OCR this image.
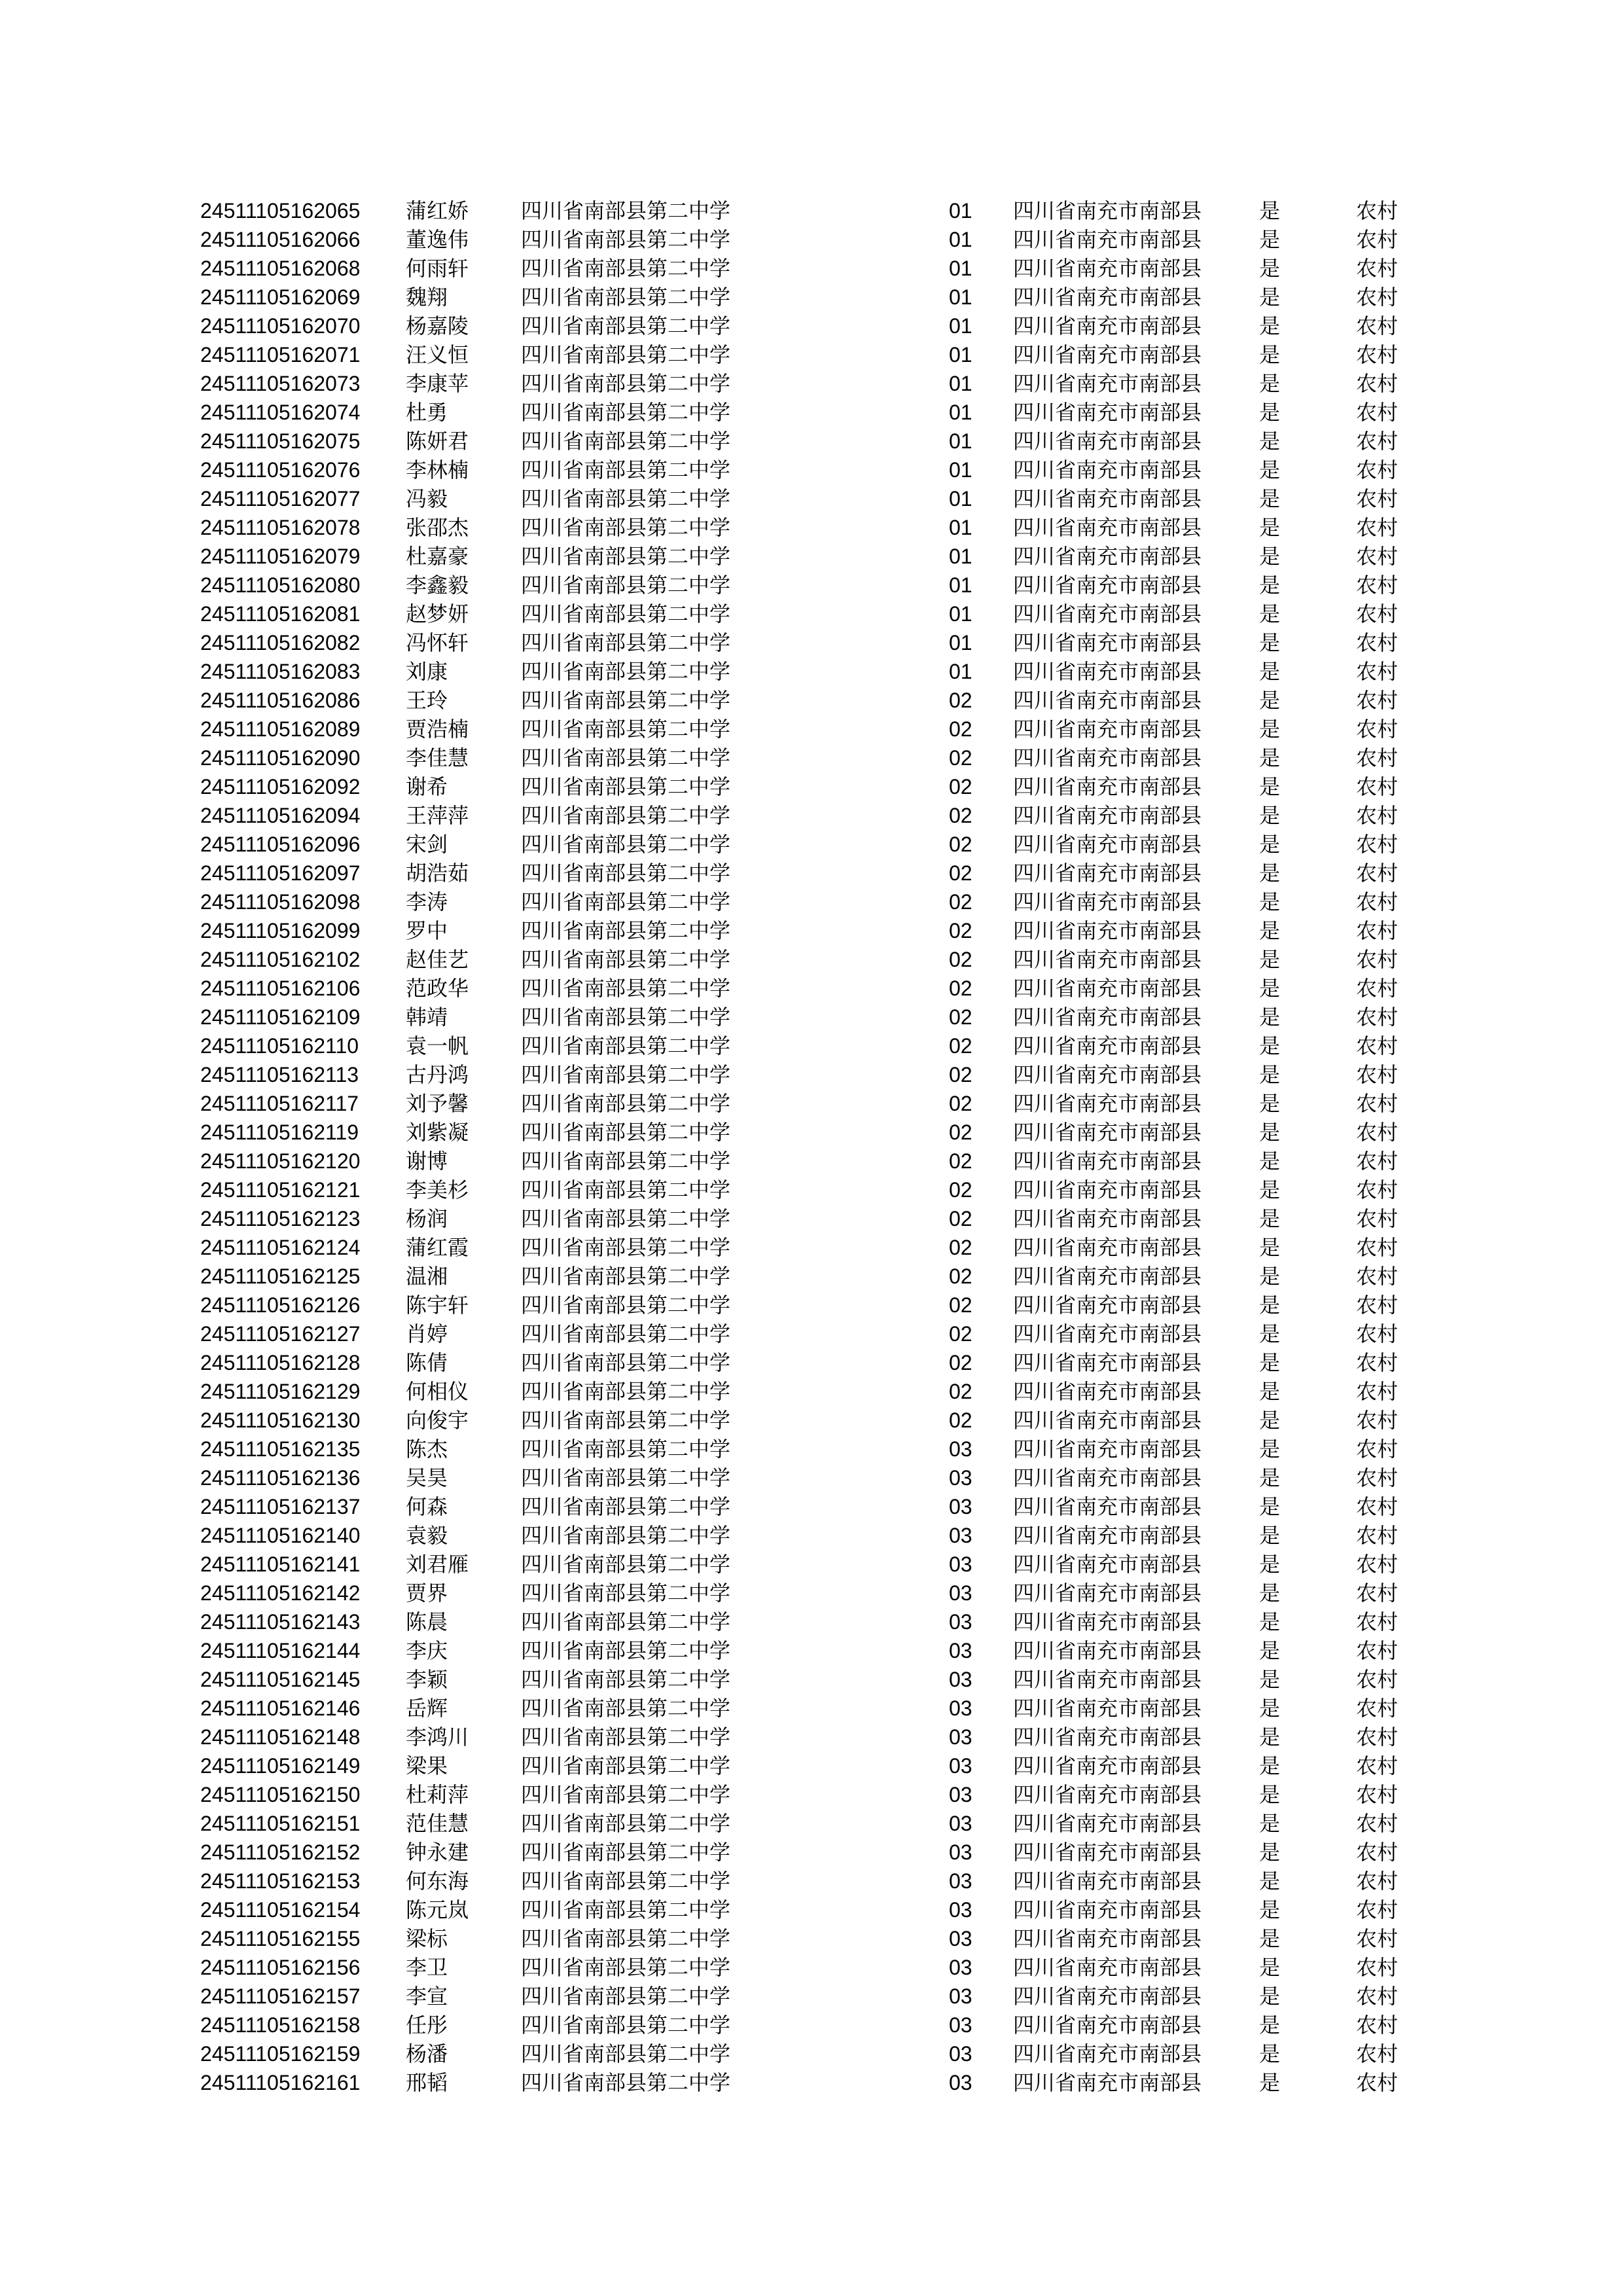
24511105162065	蒲红娇	四川省南部县第二中学	01	四川省南充市南部县	是	农村
24511105162066	董逸伟	四川省南部县第二中学	01	四川省南充市南部县	是	农村
24511105162068	何雨轩	四川省南部县第二中学	01	四川省南充市南部县	是	农村
24511105162069	魏翔	四川省南部县第二中学	01	四川省南充市南部县	是	农村
24511105162070	杨嘉陵	四川省南部县第二中学	01	四川省南充市南部县	是	农村
24511105162071	汪义恒	四川省南部县第二中学	01	四川省南充市南部县	是	农村
24511105162073	李康苹	四川省南部县第二中学	01	四川省南充市南部县	是	农村
24511105162074	杜勇	四川省南部县第二中学	01	四川省南充市南部县	是	农村
24511105162075	陈妍君	四川省南部县第二中学	01	四川省南充市南部县	是	农村
24511105162076	李林楠	四川省南部县第二中学	01	四川省南充市南部县	是	农村
24511105162077	冯毅	四川省南部县第二中学	01	四川省南充市南部县	是	农村
24511105162078	张邵杰	四川省南部县第二中学	01	四川省南充市南部县	是	农村
24511105162079	杜嘉豪	四川省南部县第二中学	01	四川省南充市南部县	是	农村
24511105162080	李鑫毅	四川省南部县第二中学	01	四川省南充市南部县	是	农村
24511105162081	赵梦妍	四川省南部县第二中学	01	四川省南充市南部县	是	农村
24511105162082	冯怀轩	四川省南部县第二中学	01	四川省南充市南部县	是	农村
24511105162083	刘康	四川省南部县第二中学	01	四川省南充市南部县	是	农村
24511105162086	王玲	四川省南部县第二中学	02	四川省南充市南部县	是	农村
24511105162089	贾浩楠	四川省南部县第二中学	02	四川省南充市南部县	是	农村
24511105162090	李佳慧	四川省南部县第二中学	02	四川省南充市南部县	是	农村
24511105162092	谢希	四川省南部县第二中学	02	四川省南充市南部县	是	农村
24511105162094	王萍萍	四川省南部县第二中学	02	四川省南充市南部县	是	农村
24511105162096	宋剑	四川省南部县第二中学	02	四川省南充市南部县	是	农村
24511105162097	胡浩茹	四川省南部县第二中学	02	四川省南充市南部县	是	农村
24511105162098	李涛	四川省南部县第二中学	02	四川省南充市南部县	是	农村
24511105162099	罗中	四川省南部县第二中学	02	四川省南充市南部县	是	农村
24511105162102	赵佳艺	四川省南部县第二中学	02	四川省南充市南部县	是	农村
24511105162106	范政华	四川省南部县第二中学	02	四川省南充市南部县	是	农村
24511105162109	韩靖	四川省南部县第二中学	02	四川省南充市南部县	是	农村
24511105162110	袁一帆	四川省南部县第二中学	02	四川省南充市南部县	是	农村
24511105162113	古丹鸿	四川省南部县第二中学	02	四川省南充市南部县	是	农村
24511105162117	刘予馨	四川省南部县第二中学	02	四川省南充市南部县	是	农村
24511105162119	刘紫凝	四川省南部县第二中学	02	四川省南充市南部县	是	农村
24511105162120	谢博	四川省南部县第二中学	02	四川省南充市南部县	是	农村
24511105162121	李美杉	四川省南部县第二中学	02	四川省南充市南部县	是	农村
24511105162123	杨润	四川省南部县第二中学	02	四川省南充市南部县	是	农村
24511105162124	蒲红霞	四川省南部县第二中学	02	四川省南充市南部县	是	农村
24511105162125	温湘	四川省南部县第二中学	02	四川省南充市南部县	是	农村
24511105162126	陈宇轩	四川省南部县第二中学	02	四川省南充市南部县	是	农村
24511105162127	肖婷	四川省南部县第二中学	02	四川省南充市南部县	是	农村
24511105162128	陈倩	四川省南部县第二中学	02	四川省南充市南部县	是	农村
24511105162129	何相仪	四川省南部县第二中学	02	四川省南充市南部县	是	农村
24511105162130	向俊宇	四川省南部县第二中学	02	四川省南充市南部县	是	农村
24511105162135	陈杰	四川省南部县第二中学	03	四川省南充市南部县	是	农村
24511105162136	吴昊	四川省南部县第二中学	03	四川省南充市南部县	是	农村
24511105162137	何森	四川省南部县第二中学	03	四川省南充市南部县	是	农村
24511105162140	袁毅	四川省南部县第二中学	03	四川省南充市南部县	是	农村
24511105162141	刘君雁	四川省南部县第二中学	03	四川省南充市南部县	是	农村
24511105162142	贾界	四川省南部县第二中学	03	四川省南充市南部县	是	农村
24511105162143	陈晨	四川省南部县第二中学	03	四川省南充市南部县	是	农村
24511105162144	李庆	四川省南部县第二中学	03	四川省南充市南部县	是	农村
24511105162145	李颖	四川省南部县第二中学	03	四川省南充市南部县	是	农村
24511105162146	岳辉	四川省南部县第二中学	03	四川省南充市南部县	是	农村
24511105162148	李鸿川	四川省南部县第二中学	03	四川省南充市南部县	是	农村
24511105162149	梁果	四川省南部县第二中学	03	四川省南充市南部县	是	农村
24511105162150	杜莉萍	四川省南部县第二中学	03	四川省南充市南部县	是	农村
24511105162151	范佳慧	四川省南部县第二中学	03	四川省南充市南部县	是	农村
24511105162152	钟永建	四川省南部县第二中学	03	四川省南充市南部县	是	农村
24511105162153	何东海	四川省南部县第二中学	03	四川省南充市南部县	是	农村
24511105162154	陈元岚	四川省南部县第二中学	03	四川省南充市南部县	是	农村
24511105162155	梁标	四川省南部县第二中学	03	四川省南充市南部县	是	农村
24511105162156	李卫	四川省南部县第二中学	03	四川省南充市南部县	是	农村
24511105162157	李宣	四川省南部县第二中学	03	四川省南充市南部县	是	农村
24511105162158	任彤	四川省南部县第二中学	03	四川省南充市南部县	是	农村
24511105162159	杨潘	四川省南部县第二中学	03	四川省南充市南部县	是	农村
24511105162161	邢韬	四川省南部县第二中学	03	四川省南充市南部县	是	农村
